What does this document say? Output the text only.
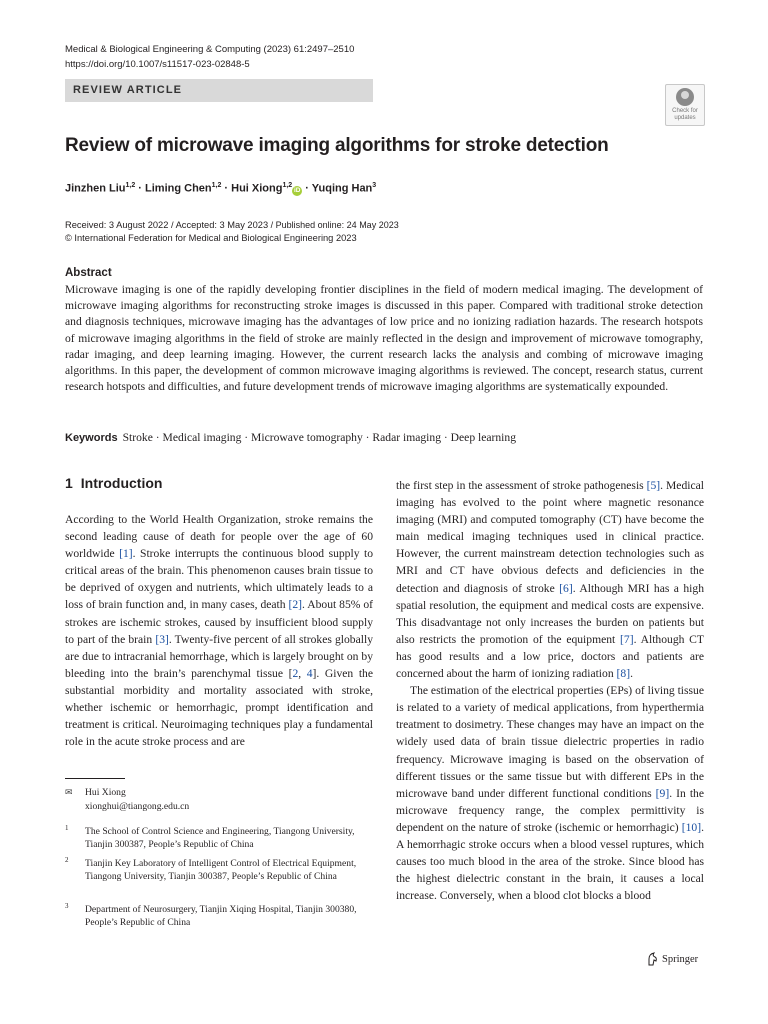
Medical & Biological Engineering & Computing (2023) 61:2497–2510
https://doi.org/10.1007/s11517-023-02848-5
REVIEW ARTICLE
Check for
updates
Review of microwave imaging algorithms for stroke detection
Jinzhen Liu$^{1,2}$ · Liming Chen$^{1,2}$ · Hui Xiong$^{1,2}$iD · Yuqing Han$^3$
Received: 3 August 2022 / Accepted: 3 May 2023 / Published online: 24 May 2023
© International Federation for Medical and Biological Engineering 2023
Abstract
Microwave imaging is one of the rapidly developing frontier disciplines in the field of modern medical imaging. The development of microwave imaging algorithms for reconstructing stroke images is discussed in this paper. Compared with traditional stroke detection and diagnosis techniques, microwave imaging has the advantages of low price and no ionizing radiation hazards. The research hotspots of microwave imaging algorithms in the field of stroke are mainly reflected in the design and improvement of microwave tomography, radar imaging, and deep learning imaging. However, the current research lacks the analysis and combing of microwave imaging algorithms. In this paper, the development of common microwave imaging algorithms is reviewed. The concept, research status, current research hotspots and difficulties, and future development trends of microwave imaging algorithms are systematically expounded.
Keywords Stroke · Medical imaging · Microwave tomography · Radar imaging · Deep learning
1 Introduction

According to the World Health Organization, stroke remains the second leading cause of death for people over the age of 60 worldwide [1]. Stroke interrupts the continuous blood supply to critical areas of the brain. This phenomenon causes brain tissue to be deprived of oxygen and nutrients, which ultimately leads to a loss of brain function and, in many cases, death [2]. About 85% of strokes are ischemic strokes, caused by insufficient blood supply to part of the brain [3]. Twenty-five percent of all strokes globally are due to intracranial hemorrhage, which is largely brought on by bleeding into the brain’s parenchymal tissue [2, 4]. Given the substantial morbidity and mortality associated with stroke, whether ischemic or hemorrhagic, prompt identification and treatment is critical. Neuroimaging techniques play a fundamental role in the acute stroke process and are

the first step in the assessment of stroke pathogenesis [5]. Medical imaging has evolved to the point where magnetic resonance imaging (MRI) and computed tomography (CT) have become the main medical imaging techniques used in clinical practice. However, the current mainstream detection technologies such as MRI and CT have obvious defects and deficiencies in the detection and diagnosis of stroke [6]. Although MRI has a high spatial resolution, the equipment and medical costs are expensive. This disadvantage not only increases the burden on patients but also restricts the promotion of the equipment [7]. Although CT has good results and a low price, doctors and patients are concerned about the harm of ionizing radiation [8].

The estimation of the electrical properties (EPs) of living tissue is related to a variety of medical applications, from hyperthermia treatment to dosimetry. These changes may have an impact on the widely used data of brain tissue dielectric properties in radio frequency. Microwave imaging is based on the observation of different tissues or the same tissue but with different EPs in the microwave band under different functional conditions [9]. In the microwave frequency range, the complex permittivity is dependent on the nature of stroke (ischemic or hemorrhagic) [10]. A hemorrhagic stroke occurs when a blood vessel ruptures, which causes too much blood in the area of the stroke. Since blood has the highest dielectric constant in the brain, it causes a local increase. Conversely, when a blood clot blocks a blood

✉ Hui Xiong
xionghui@tiangong.edu.cn
1	The School of Control Science and Engineering, Tiangong University, Tianjin 300387, People’s Republic of China
2	Tianjin Key Laboratory of Intelligent Control of Electrical Equipment, Tiangong University, Tianjin 300387, People’s Republic of China
3	Department of Neurosurgery, Tianjin Xiqing Hospital, Tianjin 300380, People’s Republic of China
Springer
